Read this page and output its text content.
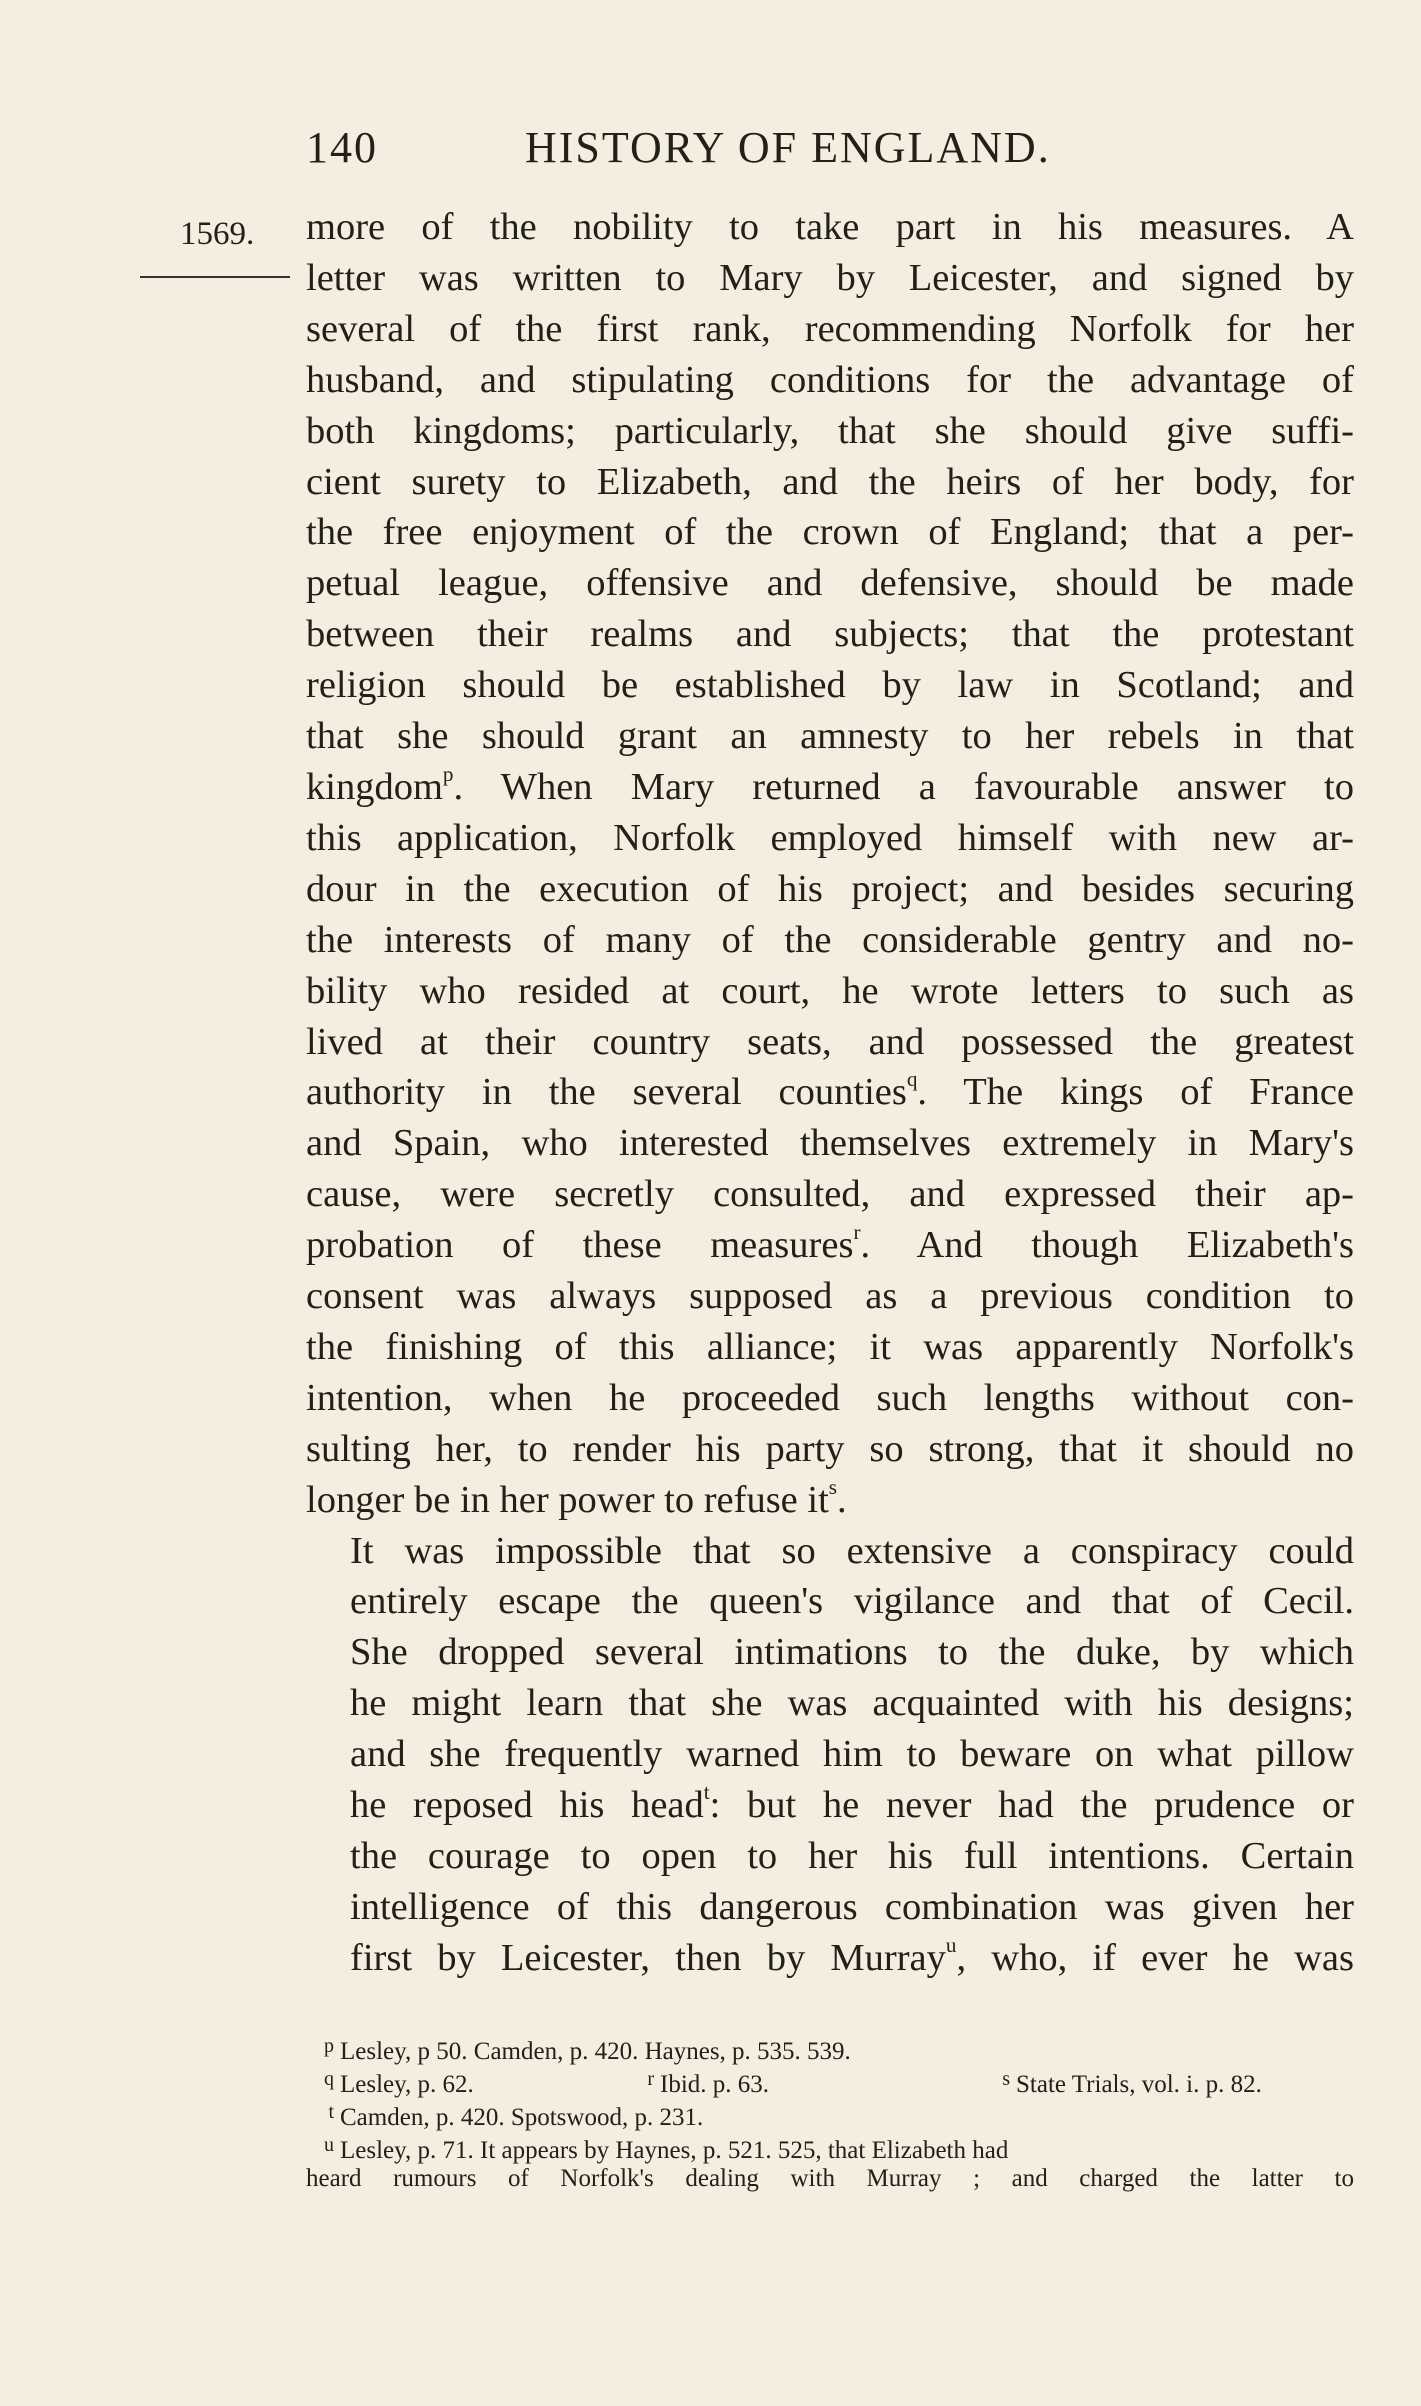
140	HISTORY OF ENGLAND.
1569. more of the nobility to take part in his measures. A
letter was written to Mary by Leicester, and signed by
several of the first rank, recommending Norfolk for her
husband, and stipulating conditions for the advantage of
both kingdoms; particularly, that she should give suffi-
cient surety to Elizabeth, and the heirs of her body, for
the free enjoyment of the crown of England; that a per-
petual league, offensive and defensive, should be made
between their realms and subjects; that the protestant
religion should be established by law in Scotland; and
that she should grant an amnesty to her rebels in that
kingdom$^p$. When Mary returned a favourable answer to
this application, Norfolk employed himself with new ar-
dour in the execution of his project; and besides securing
the interests of many of the considerable gentry and no-
bility who resided at court, he wrote letters to such as
lived at their country seats, and possessed the greatest
authority in the several counties$^q$. The kings of France
and Spain, who interested themselves extremely in Mary's
cause, were secretly consulted, and expressed their ap-
probation of these measures$^r$. And though Elizabeth's
consent was always supposed as a previous condition to
the finishing of this alliance; it was apparently Norfolk's
intention, when he proceeded such lengths without con-
sulting her, to render his party so strong, that it should no
longer be in her power to refuse $it^s$.

It was impossible that so extensive a conspiracy could
entirely escape the queen's vigilance and that of Cecil.
She dropped several intimations to the duke, by which
he might learn that she was acquainted with his designs;
and she frequently warned him to beware on what pillow
he reposed his head$^t$: but he never had the prudence or
the courage to open to her his full intentions. Certain
intelligence of this dangerous combination was given her
first by Leicester, then by Murray$^u$, who, if ever he was

p Lesley, p 50. Camden, p. 420. Haynes, p. 535. 539.
q Lesley, p. 62.	r Ibid. p. 63.	s State Trials, vol. i. p. 82.
t Camden, p. 420. Spotswood, p. 231.
u Lesley, p. 71. It appears by Haynes, p. 521. 525, that Elizabeth had
heard rumours of Norfolk's dealing with Murray ; and charged the latter to
